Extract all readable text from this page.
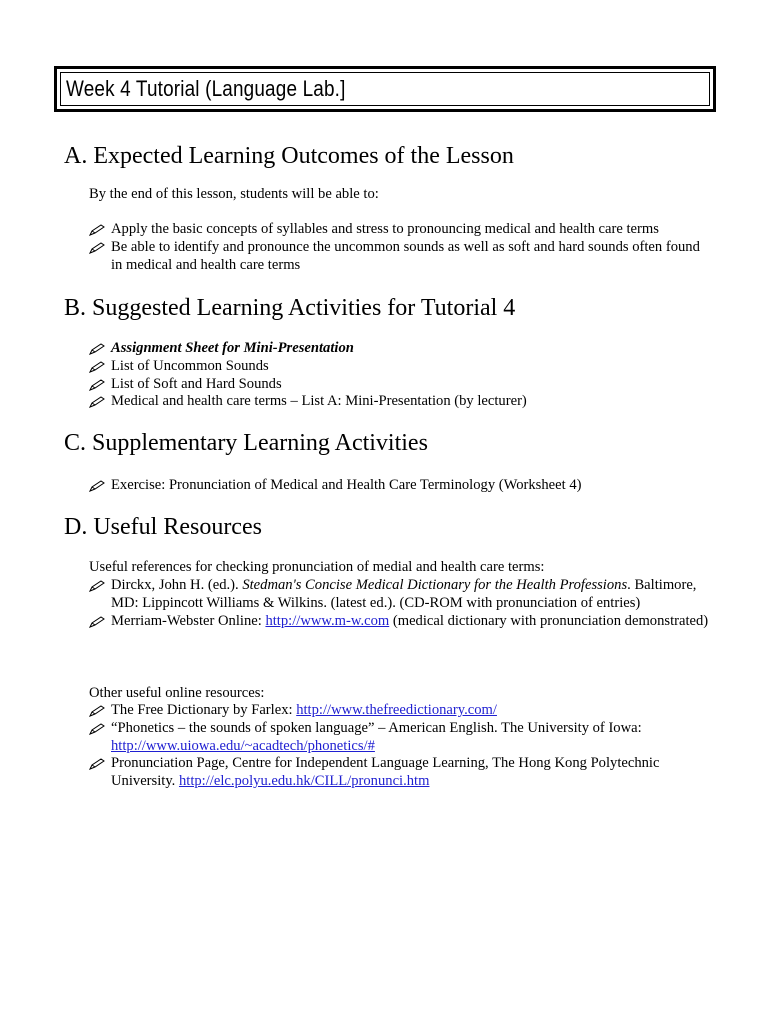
Week 4 Tutorial (Language Lab.]
A. Expected Learning Outcomes of the Lesson
By the end of this lesson, students will be able to:
Apply the basic concepts of syllables and stress to pronouncing medical and health care terms
Be able to identify and pronounce the uncommon sounds as well as soft and hard sounds often found in medical and health care terms
B. Suggested Learning Activities for Tutorial 4
Assignment Sheet for Mini-Presentation
List of Uncommon Sounds
List of Soft and Hard Sounds
Medical and health care terms – List A: Mini-Presentation (by lecturer)
C. Supplementary Learning Activities
Exercise: Pronunciation of Medical and Health Care Terminology (Worksheet 4)
D. Useful Resources
Useful references for checking pronunciation of medial and health care terms:
Dirckx, John H. (ed.). Stedman's Concise Medical Dictionary for the Health Professions. Baltimore, MD: Lippincott Williams & Wilkins. (latest ed.). (CD-ROM with pronunciation of entries)
Merriam-Webster Online: http://www.m-w.com (medical dictionary with pronunciation demonstrated)
Other useful online resources:
The Free Dictionary by Farlex: http://www.thefreedictionary.com/
“Phonetics – the sounds of spoken language” – American English. The University of Iowa: http://www.uiowa.edu/~acadtech/phonetics/#
Pronunciation Page, Centre for Independent Language Learning, The Hong Kong Polytechnic University. http://elc.polyu.edu.hk/CILL/pronunci.htm
